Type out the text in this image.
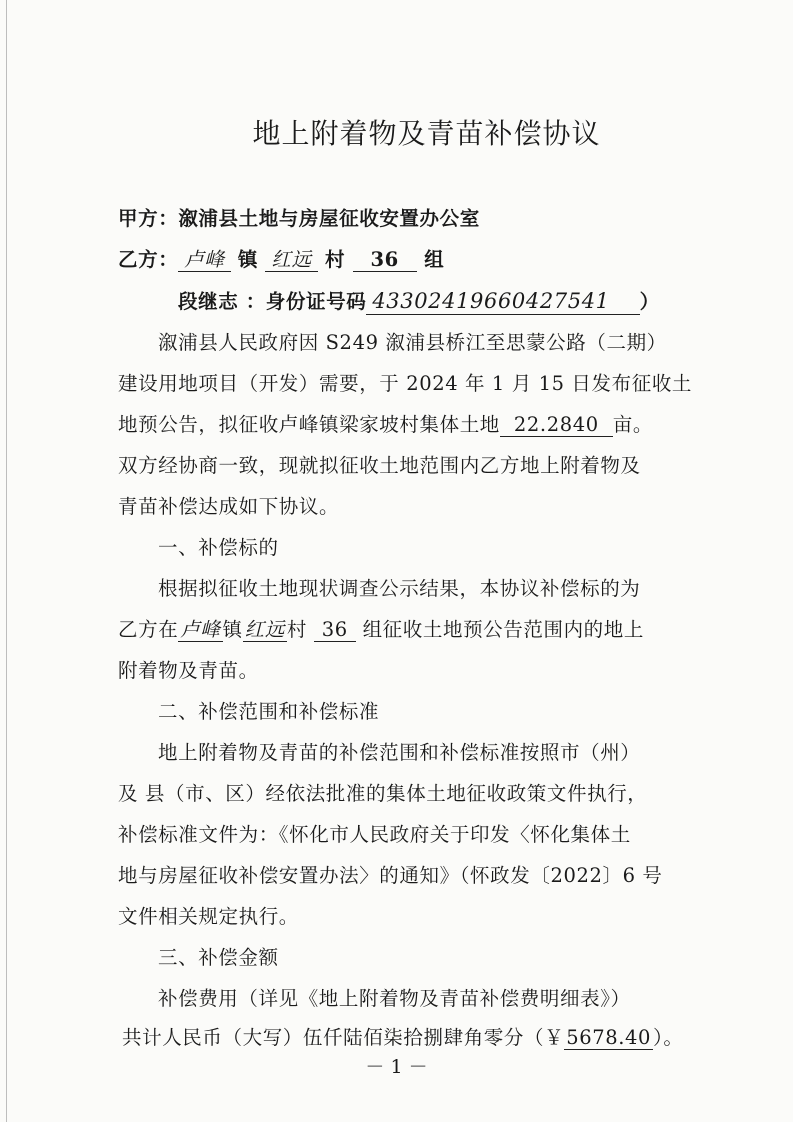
地上附着物及青苗补偿协议
甲方：溆浦县土地与房屋征收安置办公室
乙方： 卢峰 镇 红远 村 36 组
段继志 ：身份证号码 43302419660427541 ）
溆浦县人民政府因 S249 溆浦县桥江至思蒙公路（二期）
建设用地项目（开发）需要，于 2024 年 1 月 15 日发布征收土
地预公告，拟征收卢峰镇梁家坡村集体土地 22.2840 亩。
双方经协商一致，现就拟征收土地范围内乙方地上附着物及
青苗补偿达成如下协议。
一、补偿标的
根据拟征收土地现状调查公示结果，本协议补偿标的为
乙方在 卢峰 镇 红远 村 36 组征收土地预公告范围内的地上
附着物及青苗。
二、补偿范围和补偿标准
地上附着物及青苗的补偿范围和补偿标准按照市（州）
及 县（市、区）经依法批准的集体土地征收政策文件执行，
补偿标准文件为：《怀化市人民政府关于印发〈怀化集体土
地与房屋征收补偿安置办法〉的通知》（怀政发〔2022〕6 号
文件相关规定执行。
三、补偿金额
补偿费用（详见《地上附着物及青苗补偿费明细表》）
共计人民币（大写）伍仟陆佰柒拾捌肆角零分（￥ 5678.40 ）。
－ 1 －
